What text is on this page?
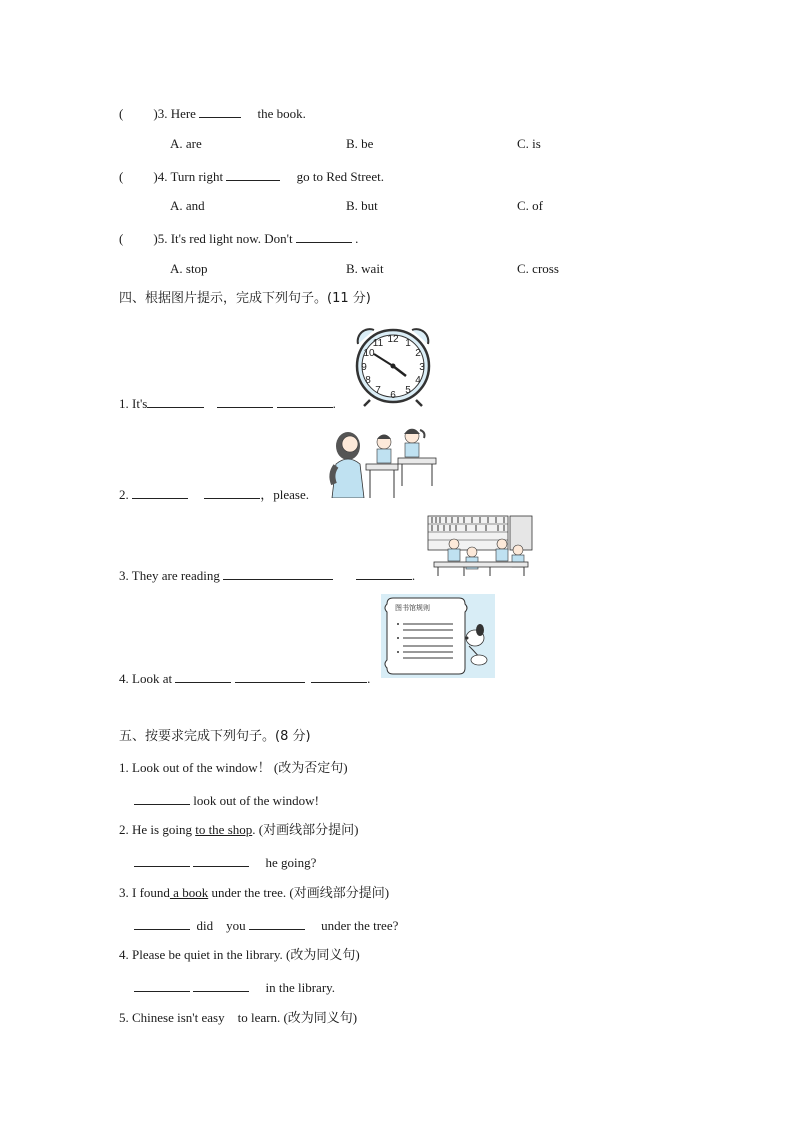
( )3. Here	the book.
A. are	B. be	C. is
( )4. Turn right	go to Red Street.
A. and	B. but	C. of
( )5. It's red light now. Don't	.
A. stop	B. wait	C. cross
四、根据图片提示，完成下列句子。(11 分)
12 1
2
3
4
5
6
7
8
9
10
11
1. It's	.
2.	，please.
3. They are reading	.
图书馆规则
4. Look at	.
五、按要求完成下列句子。(8 分)
1. Look out of the window！ (改为否定句)
look out of the window!
2. He is going to the shop. (对画线部分提问)
he going?
3. I found a book under the tree. (对画线部分提问)
did you	under the tree?
4. Please be quiet in the library. (改为同义句)
in the library.
5. Chinese isn't easy　to learn. (改为同义句)
